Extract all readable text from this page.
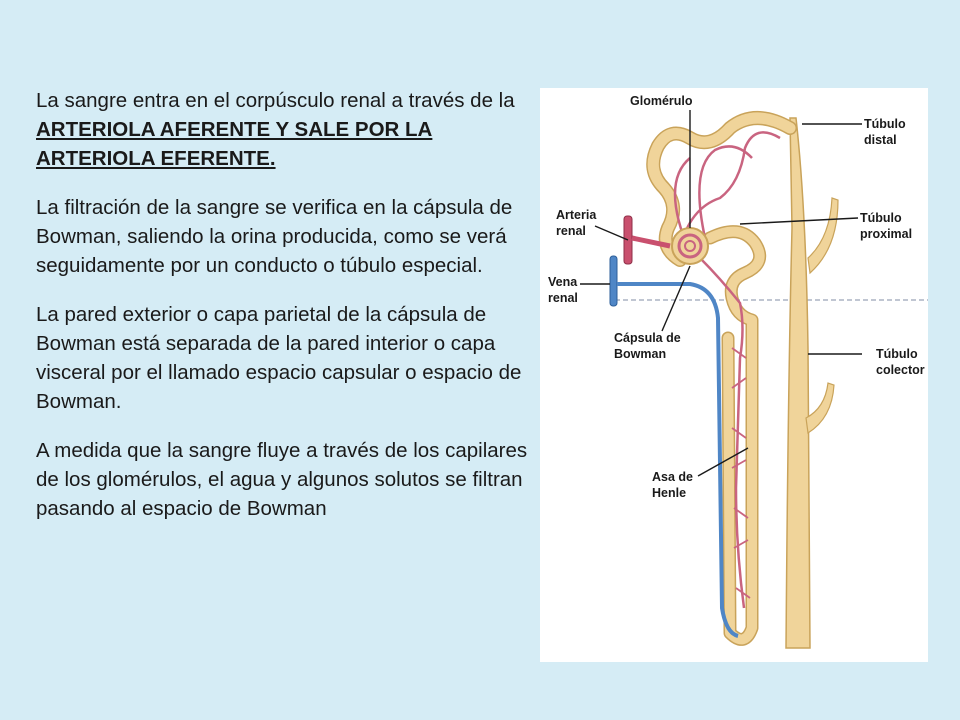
La sangre entra en el corpúsculo renal a través de la ARTERIOLA AFERENTE Y SALE POR LA ARTERIOLA EFERENTE.

La filtración de la sangre se verifica en la cápsula de Bowman, saliendo la orina producida, como se verá seguidamente por un conducto o túbulo especial.

La pared exterior o capa parietal de la cápsula de Bowman está separada de la pared interior o capa visceral por el llamado espacio capsular o espacio de Bowman.

A medida que la sangre fluye a través de los capilares de los glomérulos, el agua y algunos solutos se filtran pasando al espacio de Bowman

Glomérulo
Túbulo
distal
Arteria
renal
Túbulo
proximal
Vena
renal
Cápsula de
Bowman	Túbulo
colector
Asa de
Henle
